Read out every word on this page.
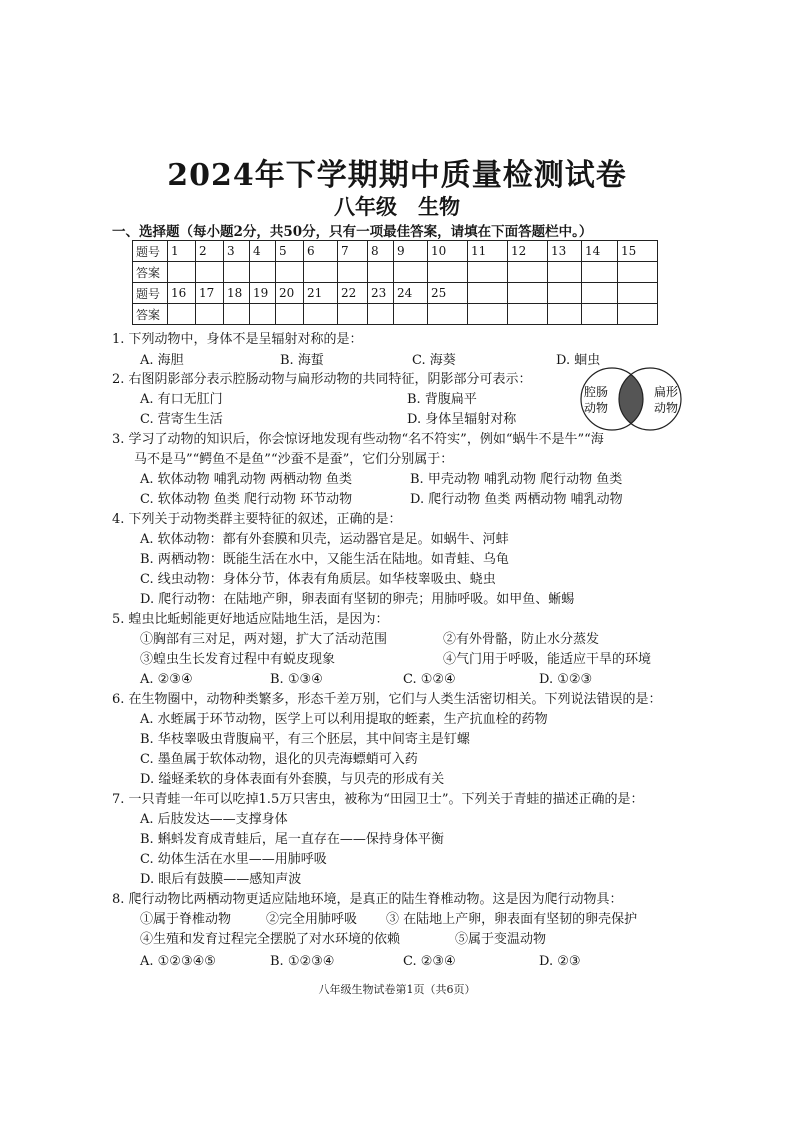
2024年下学期期中质量检测试卷
八年级　生物
一、选择题（每小题2分，共50分，只有一项最佳答案，请填在下面答题栏中。）
题号	1	2	3	4	5	6	7	8	9	10	11	12	13	14	15
答案															
题号	16	17	18	19	20	21	22	23	24	25					
答案															
1. 下列动物中，身体不是呈辐射对称的是：
A. 海胆	B. 海蜇	C. 海葵	D. 蛔虫
2. 右图阴影部分表示腔肠动物与扁形动物的共同特征，阴影部分可表示：
A. 有口无肛门	B. 背腹扁平
C. 营寄生生活	D. 身体呈辐射对称
腔肠
动物
扁形
动物
3. 学习了动物的知识后，你会惊讶地发现有些动物“名不符实”，例如“蜗牛不是牛”“海
马不是马”“鳄鱼不是鱼”“沙蚕不是蚕”，它们分别属于：
A. 软体动物 哺乳动物 两栖动物 鱼类	B. 甲壳动物 哺乳动物 爬行动物 鱼类
C. 软体动物 鱼类 爬行动物 环节动物	D. 爬行动物 鱼类 两栖动物 哺乳动物
4. 下列关于动物类群主要特征的叙述，正确的是：
A. 软体动物：都有外套膜和贝壳，运动器官是足。如蜗牛、河蚌
B. 两栖动物：既能生活在水中，又能生活在陆地。如青蛙、乌龟
C. 线虫动物：身体分节，体表有角质层。如华枝睾吸虫、蛲虫
D. 爬行动物：在陆地产卵，卵表面有坚韧的卵壳；用肺呼吸。如甲鱼、蜥蜴
5. 蝗虫比蚯蚓能更好地适应陆地生活，是因为：
①胸部有三对足，两对翅，扩大了活动范围	②有外骨骼，防止水分蒸发
③蝗虫生长发育过程中有蜕皮现象	④气门用于呼吸，能适应干旱的环境
A. ②③④	B. ①③④	C. ①②④	D. ①②③
6. 在生物圈中，动物种类繁多，形态千差万别，它们与人类生活密切相关。下列说法错误的是：
A. 水蛭属于环节动物，医学上可以利用提取的蛭素，生产抗血栓的药物
B. 华枝睾吸虫背腹扁平，有三个胚层，其中间寄主是钉螺
C. 墨鱼属于软体动物，退化的贝壳海螵蛸可入药
D. 缢蛏柔软的身体表面有外套膜，与贝壳的形成有关
7. 一只青蛙一年可以吃掉1.5万只害虫，被称为“田园卫士”。下列关于青蛙的描述正确的是：
A. 后肢发达——支撑身体
B. 蝌蚪发育成青蛙后，尾一直存在——保持身体平衡
C. 幼体生活在水里——用肺呼吸
D. 眼后有鼓膜——感知声波
8. 爬行动物比两栖动物更适应陆地环境，是真正的陆生脊椎动物。这是因为爬行动物具：
①属于脊椎动物	②完全用肺呼吸 ③ 在陆地上产卵，卵表面有坚韧的卵壳保护
④生殖和发育过程完全摆脱了对水环境的依赖	⑤属于变温动物
A. ①②③④⑤	B. ①②③④	C. ②③④	D. ②③
八年级生物试卷第1页（共6页）
